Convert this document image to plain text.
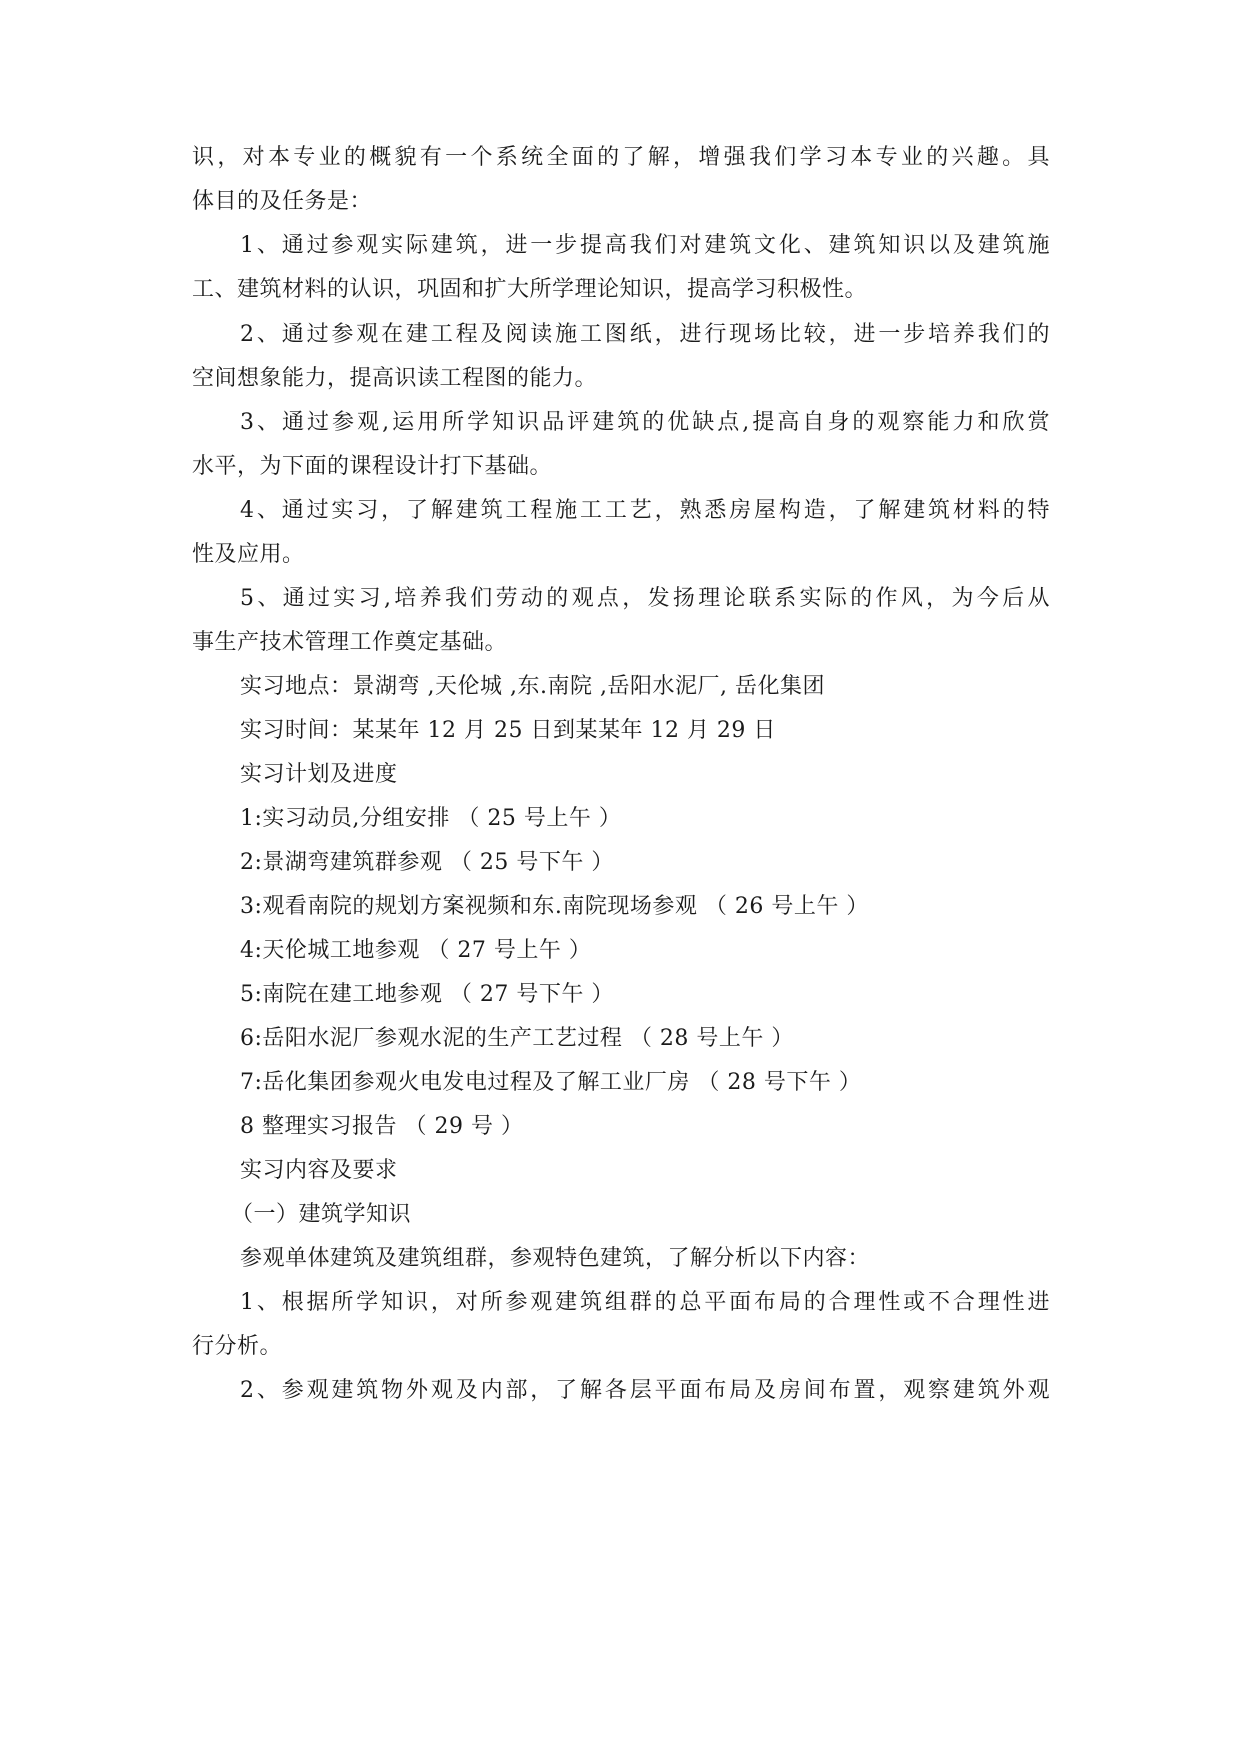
识，对本专业的概貌有一个系统全面的了解，增强我们学习本专业的兴趣。具
体目的及任务是：
1、通过参观实际建筑，进一步提高我们对建筑文化、建筑知识以及建筑施
工、建筑材料的认识，巩固和扩大所学理论知识，提高学习积极性。
2、通过参观在建工程及阅读施工图纸，进行现场比较，进一步培养我们的
空间想象能力，提高识读工程图的能力。
3、通过参观,运用所学知识品评建筑的优缺点,提高自身的观察能力和欣赏
水平，为下面的课程设计打下基础。
4、通过实习，了解建筑工程施工工艺，熟悉房屋构造，了解建筑材料的特
性及应用。
5、通过实习,培养我们劳动的观点，发扬理论联系实际的作风，为今后从
事生产技术管理工作奠定基础。
实习地点：景湖弯 ,天伦城 ,东.南院 ,岳阳水泥厂, 岳化集团
实习时间：某某年 12 月 25 日到某某年 12 月 29 日
实习计划及进度
1:实习动员,分组安排 （ 25 号上午 ）
2:景湖弯建筑群参观 （ 25 号下午 ）
3:观看南院的规划方案视频和东.南院现场参观 （ 26 号上午 ）
4:天伦城工地参观 （ 27 号上午 ）
5:南院在建工地参观 （ 27 号下午 ）
6:岳阳水泥厂参观水泥的生产工艺过程 （ 28 号上午 ）
7:岳化集团参观火电发电过程及了解工业厂房 （ 28 号下午 ）
8 整理实习报告 （ 29 号 ）
实习内容及要求
（一）建筑学知识
参观单体建筑及建筑组群，参观特色建筑，了解分析以下内容：
1、根据所学知识，对所参观建筑组群的总平面布局的合理性或不合理性进
行分析。
2、参观建筑物外观及内部，了解各层平面布局及房间布置，观察建筑外观
